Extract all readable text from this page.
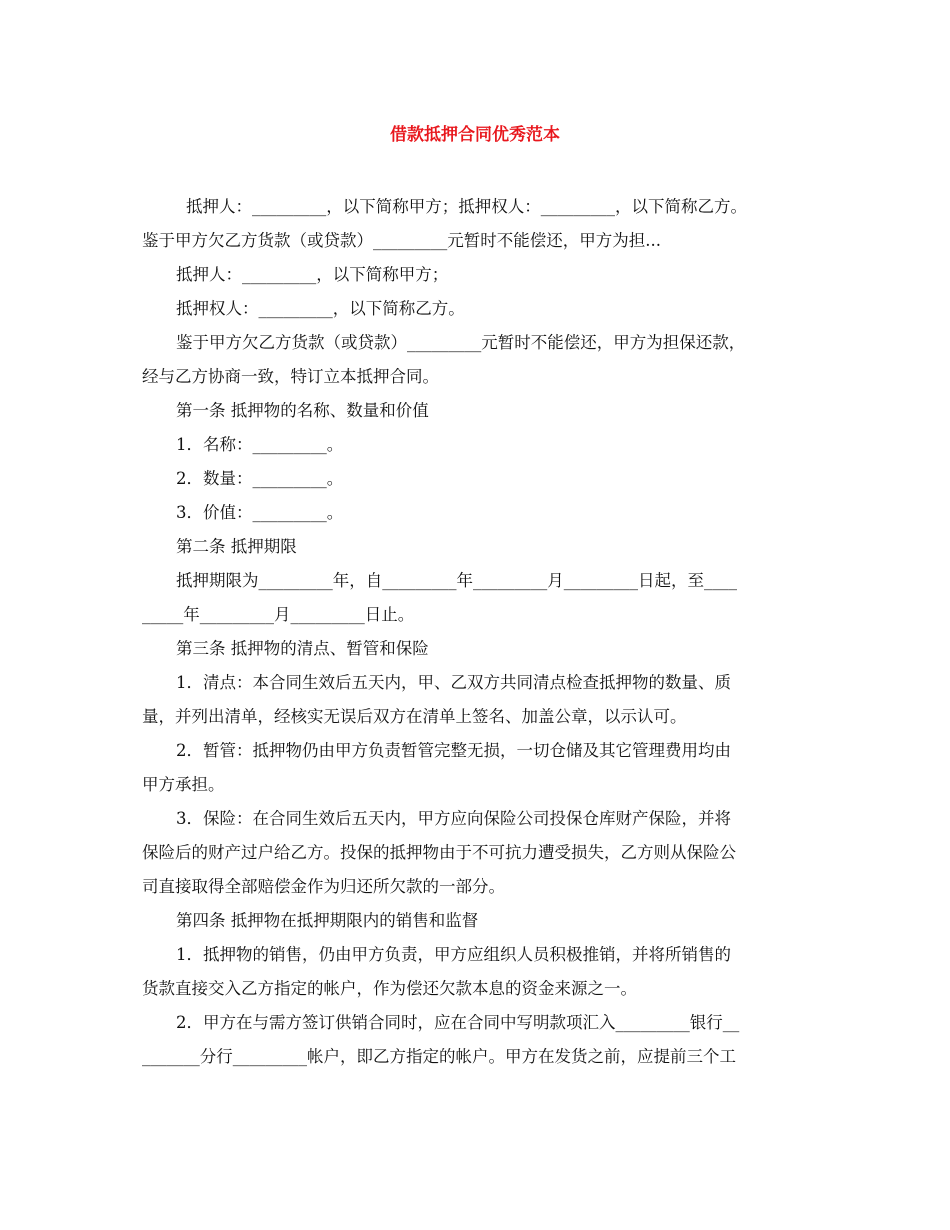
借款抵押合同优秀范本
抵押人：_________，以下简称甲方；抵押权人：_________，以下简称乙方。
鉴于甲方欠乙方货款（或贷款）_________元暂时不能偿还，甲方为担...
抵押人：_________，以下简称甲方；
抵押权人：_________，以下简称乙方。
鉴于甲方欠乙方货款（或贷款）_________元暂时不能偿还，甲方为担保还款，
经与乙方协商一致，特订立本抵押合同。
第一条 抵押物的名称、数量和价值
1．名称：_________。
2．数量：_________。
3．价值：_________。
第二条 抵押期限
抵押期限为_________年，自_________年_________月_________日起，至____
_____年_________月_________日止。
第三条 抵押物的清点、暂管和保险
1．清点：本合同生效后五天内，甲、乙双方共同清点检查抵押物的数量、质
量，并列出清单，经核实无误后双方在清单上签名、加盖公章，以示认可。
2．暂管：抵押物仍由甲方负责暂管完整无损，一切仓储及其它管理费用均由
甲方承担。
3．保险：在合同生效后五天内，甲方应向保险公司投保仓库财产保险，并将
保险后的财产过户给乙方。投保的抵押物由于不可抗力遭受损失，乙方则从保险公
司直接取得全部赔偿金作为归还所欠款的一部分。
第四条 抵押物在抵押期限内的销售和监督
1．抵押物的销售，仍由甲方负责，甲方应组织人员积极推销，并将所销售的
货款直接交入乙方指定的帐户，作为偿还欠款本息的资金来源之一。
2．甲方在与需方签订供销合同时，应在合同中写明款项汇入_________银行__
_______分行_________帐户，即乙方指定的帐户。甲方在发货之前，应提前三个工
